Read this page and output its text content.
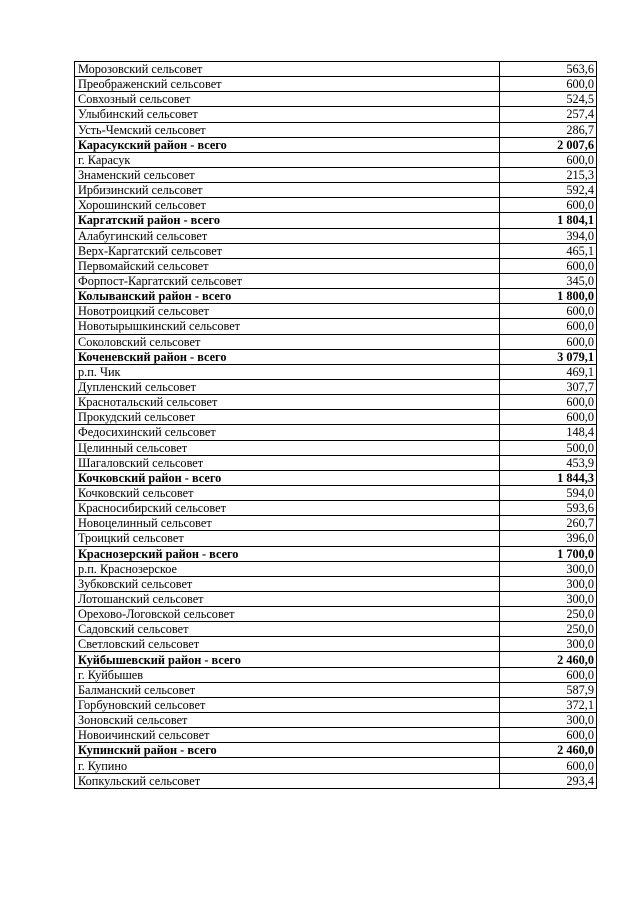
Морозовский сельсовет	563,6
Преображенский сельсовет	600,0
Совхозный сельсовет	524,5
Улыбинский сельсовет	257,4
Усть-Чемский сельсовет	286,7
Карасукский район - всего	2 007,6
г. Карасук	600,0
Знаменский сельсовет	215,3
Ирбизинский сельсовет	592,4
Хорошинский сельсовет	600,0
Каргатский район - всего	1 804,1
Алабугинский сельсовет	394,0
Верх-Каргатский сельсовет	465,1
Первомайский сельсовет	600,0
Форпост-Каргатский сельсовет	345,0
Колыванский район - всего	1 800,0
Новотроицкий сельсовет	600,0
Новотырышкинский сельсовет	600,0
Соколовский сельсовет	600,0
Коченевский район - всего	3 079,1
р.п. Чик	469,1
Дупленский сельсовет	307,7
Краснотальский сельсовет	600,0
Прокудский сельсовет	600,0
Федосихинский сельсовет	148,4
Целинный сельсовет	500,0
Шагаловский сельсовет	453,9
Кочковский район - всего	1 844,3
Кочковский сельсовет	594,0
Красносибирский сельсовет	593,6
Новоцелинный сельсовет	260,7
Троицкий сельсовет	396,0
Краснозерский район - всего	1 700,0
р.п. Краснозерское	300,0
Зубковский сельсовет	300,0
Лотошанский сельсовет	300,0
Орехово-Логовской сельсовет	250,0
Садовский сельсовет	250,0
Светловский сельсовет	300,0
Куйбышевский район - всего	2 460,0
г. Куйбышев	600,0
Балманский сельсовет	587,9
Горбуновский сельсовет	372,1
Зоновский сельсовет	300,0
Новоичинский сельсовет	600,0
Купинский район - всего	2 460,0
г. Купино	600,0
Копкульский сельсовет	293,4
